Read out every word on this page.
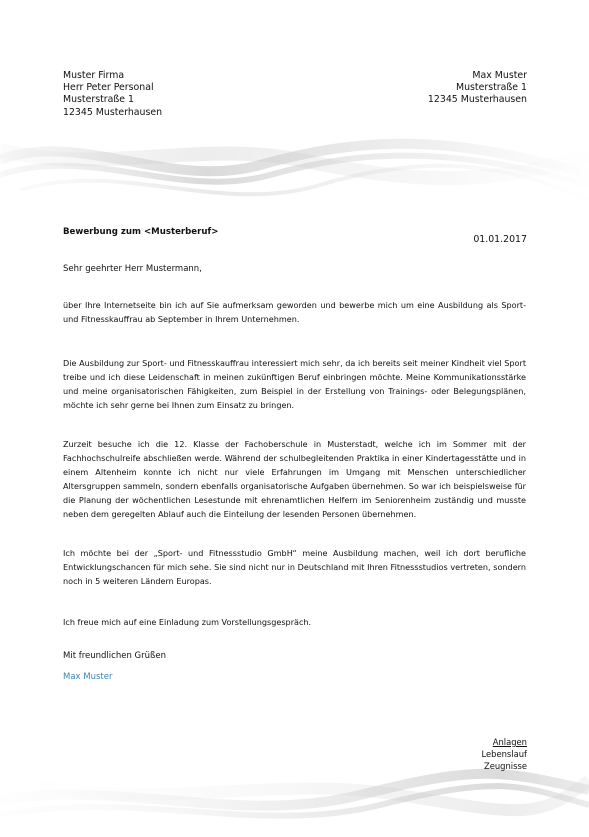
Muster Firma
Herr Peter Personal
Musterstraße 1
12345 Musterhausen
Max Muster
Musterstraße 1
12345 Musterhausen
Bewerbung zum <Musterberuf>
01.01.2017
Sehr geehrter Herr Mustermann,
über Ihre Internetseite bin ich auf Sie aufmerksam geworden und bewerbe mich um eine Ausbildung als Sport- und Fitnesskauffrau ab September in Ihrem Unternehmen.
Die Ausbildung zur Sport- und Fitnesskauffrau interessiert mich sehr, da ich bereits seit meiner Kindheit viel Sport treibe und ich diese Leidenschaft in meinen zukünftigen Beruf einbringen möchte. Meine Kommunikationsstärke und meine organisatorischen Fähigkeiten, zum Beispiel in der Erstellung von Trainings- oder Belegungsplänen, möchte ich sehr gerne bei Ihnen zum Einsatz zu bringen.
Zurzeit besuche ich die 12. Klasse der Fachoberschule in Musterstadt, welche ich im Sommer mit der Fachhochschulreife abschließen werde. Während der schulbegleitenden Praktika in einer Kindertagesstätte und in einem Altenheim konnte ich nicht nur viele Erfahrungen im Umgang mit Menschen unterschiedlicher Altersgruppen sammeln, sondern ebenfalls organisatorische Aufgaben übernehmen. So war ich beispielsweise für die Planung der wöchentlichen Lesestunde mit ehrenamtlichen Helfern im Seniorenheim zuständig und musste neben dem geregelten Ablauf auch die Einteilung der lesenden Personen übernehmen.
Ich möchte bei der „Sport- und Fitnessstudio GmbH“ meine Ausbildung machen, weil ich dort berufliche Entwicklungschancen für mich sehe. Sie sind nicht nur in Deutschland mit Ihren Fitnessstudios vertreten, sondern noch in 5 weiteren Ländern Europas.
Ich freue mich auf eine Einladung zum Vorstellungsgespräch.
Mit freundlichen Grüßen
Max Muster
Anlagen
Lebenslauf
Zeugnisse
